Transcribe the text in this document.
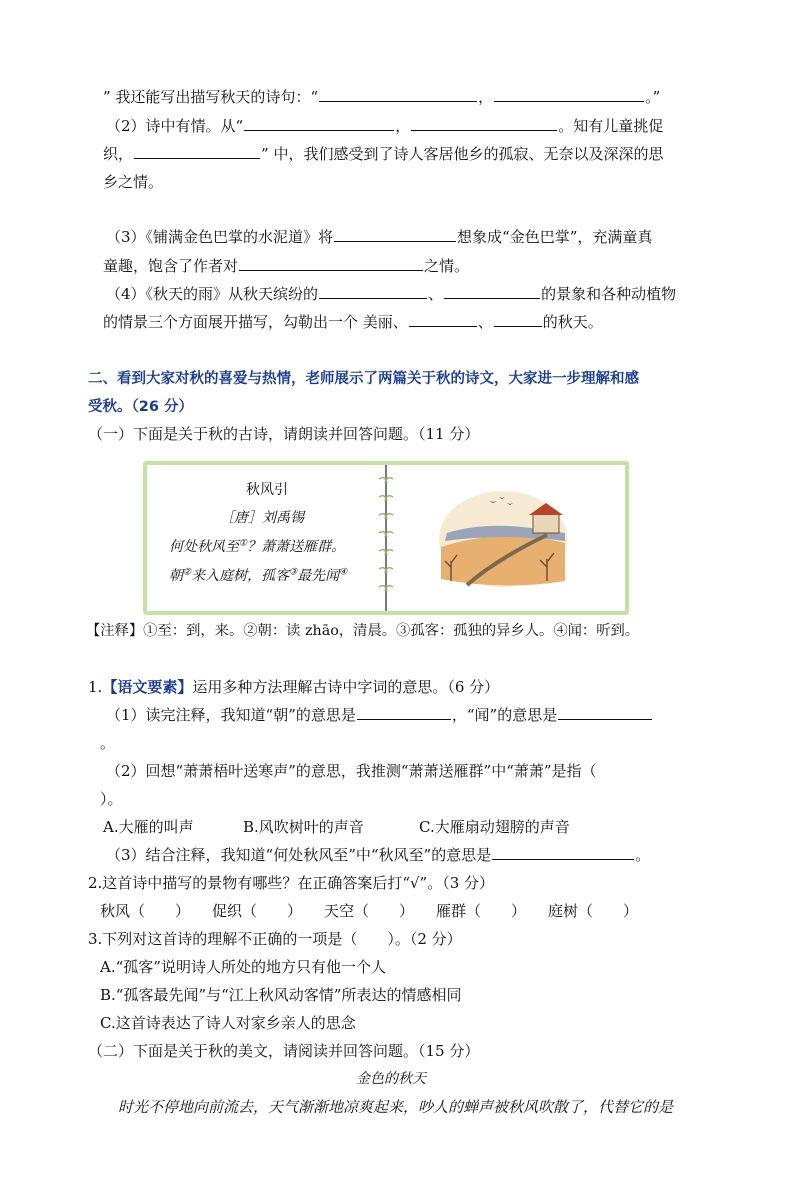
” 我还能写出描写秋天的诗句：“	，	。”
（2）诗中有情。从“	，	。知有儿童挑促
织，	” 中，我们感受到了诗人客居他乡的孤寂、无奈以及深深的思
乡之情。
（3）《铺满金色巴掌的水泥道》将	想象成“金色巴掌”，充满童真
童趣，饱含了作者对	之情。
（4）《秋天的雨》从秋天缤纷的	、	的景象和各种动植物
的情景三个方面展开描写，勾勒出一个 美丽、	、	的秋天。
二、看到大家对秋的喜爱与热情，老师展示了两篇关于秋的诗文，大家进一步理解和感
受秋。（26 分）
（一）下面是关于秋的古诗，请朗读并回答问题。（11 分）
秋风引
［唐］刘禹锡
何处秋风至①？萧萧送雁群。
朝②来入庭树，孤客③最先闻④
【注释】①至：到，来。②朝：读 zhāo，清晨。③孤客：孤独的异乡人。④闻：听到。
1.【语文要素】运用多种方法理解古诗中字词的意思。（6 分）
（1）读完注释，我知道“朝”的意思是	，“闻”的意思是
。
（2）回想“萧萧梧叶送寒声”的意思，我推测“萧萧送雁群”中“萧萧”是指（
）。
A.大雁的叫声	B.风吹树叶的声音	C.大雁扇动翅膀的声音
（3）结合注释，我知道“何处秋风至”中“秋风至”的意思是	。
2.这首诗中描写的景物有哪些？在正确答案后打“√”。（3 分）
秋风（　　） 促织（　　） 天空（　　） 雁群（　　） 庭树（　　）
3.下列对这首诗的理解不正确的一项是（　　）。（2 分）
A.“孤客”说明诗人所处的地方只有他一个人
B.“孤客最先闻”与“江上秋风动客情”所表达的情感相同
C.这首诗表达了诗人对家乡亲人的思念
（二）下面是关于秋的美文，请阅读并回答问题。（15 分）
金色的秋天
时光不停地向前流去，天气渐渐地凉爽起来，吵人的蝉声被秋风吹散了，代替它的是
